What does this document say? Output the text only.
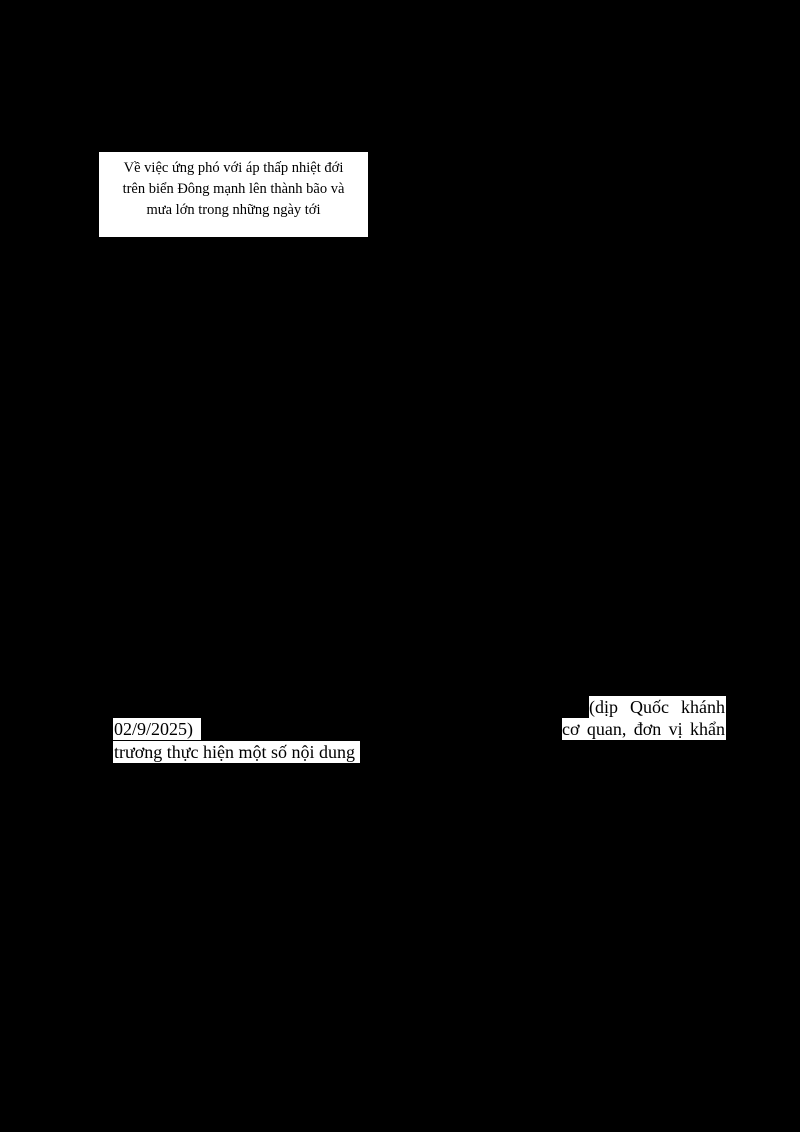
Về việc ứng phó với áp thấp nhiệt đới
trên biển Đông mạnh lên thành bão và
mưa lớn trong những ngày tới
(dịp Quốc khánh
02/9/2025)	cơ quan, đơn vị khẩn
trương thực hiện một số nội dung
